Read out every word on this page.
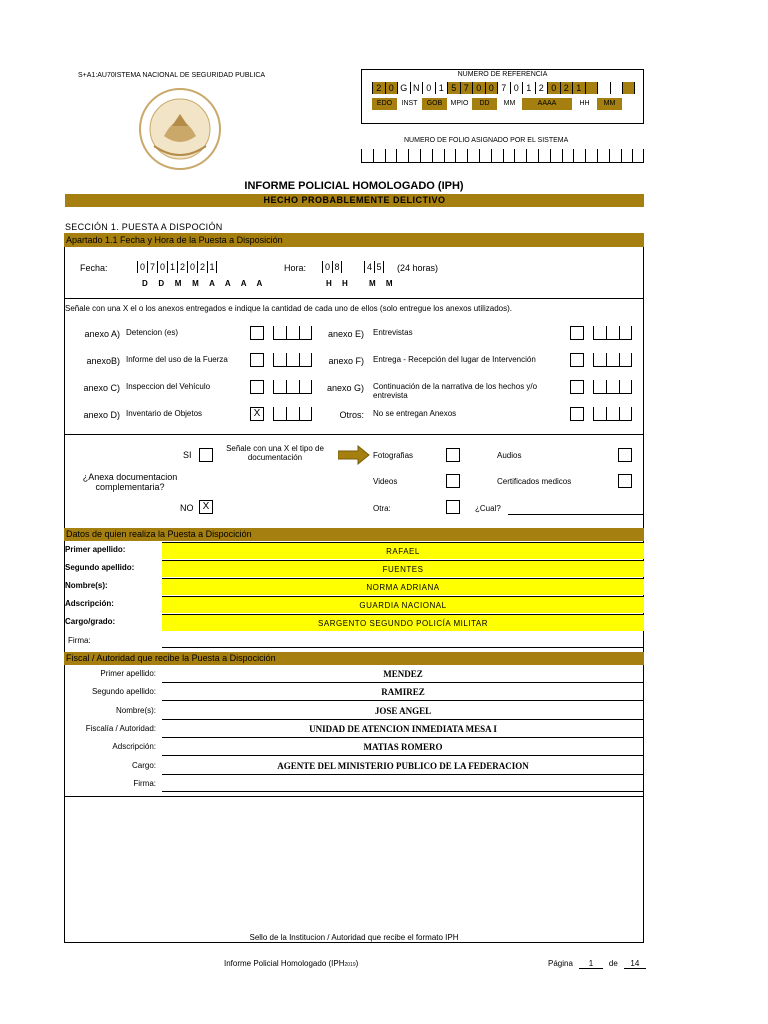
S+A1:AU70ISTEMA NACIONAL DE SEGURIDAD PUBLICA	NUMERO DE REFERENCIA
2 0 G N 0 1 5 7 0 0 7 0 1 2 0 2 1
EDO	INST	GOB	MPIO	DD	MM	AAAA	HH	MM
NUMERO DE FOLIO ASIGNADO POR EL SISTEMA
INFORME POLICIAL HOMOLOGADO (IPH)
HECHO PROBABLEMENTE DELICTIVO
SECCIÓN 1. PUESTA A DISPOCIÓN
Apartado 1.1 Fecha y Hora de la Puesta a Disposición
Fecha:	0 7 0 1 2 0 2 1
D D M M A A A A
Hora:	0 8	4 5 (24 horas)
H H M M
Señale con una X el o los anexos entregados e indique la cantidad de cada uno de ellos (solo entregue los anexos utilizados).
anexo A) Detencion (es)
anexoB) Informe del uso de la Fuerza
anexo C) Inspeccion del Vehículo
anexo D) Inventario de Objetos	X
anexo E) Entrevistas
anexo F) Entrega - Recepción del lugar de Intervención
anexo G) Continuación de la narrativa de los hechos y/o entrevista
Otros: No se entregan Anexos
¿Anexa documentacion complementaria?
SI
Señale con una X el tipo de documentación
NO X
Fotografias
Videos
Otra:
Audios
Certificados medicos
¿Cual?
Datos de quien realiza la Puesta a Dispocición
Primer apellido:	RAFAEL
Segundo apellido:	FUENTES
Nombre(s):	NORMA ADRIANA
Adscripción:	GUARDIA NACIONAL
Cargo/grado:	SARGENTO SEGUNDO POLICÍA MILITAR
Firma:
Fiscal / Autoridad que recibe la Puesta a Dispocición
Primer apellido:	MENDEZ
Segundo apellido:	RAMIREZ
Nombre(s):	JOSE ANGEL
Fiscalía / Autoridad:	UNIDAD DE ATENCION INMEDIATA MESA I
Adscripción:	MATIAS ROMERO
Cargo:	AGENTE DEL MINISTERIO PUBLICO DE LA FEDERACION
Firma:
Sello de la Institucion / Autoridad que recibe el formato IPH
Informe Policial Homologado (IPH2019)	Página	1	de	14
